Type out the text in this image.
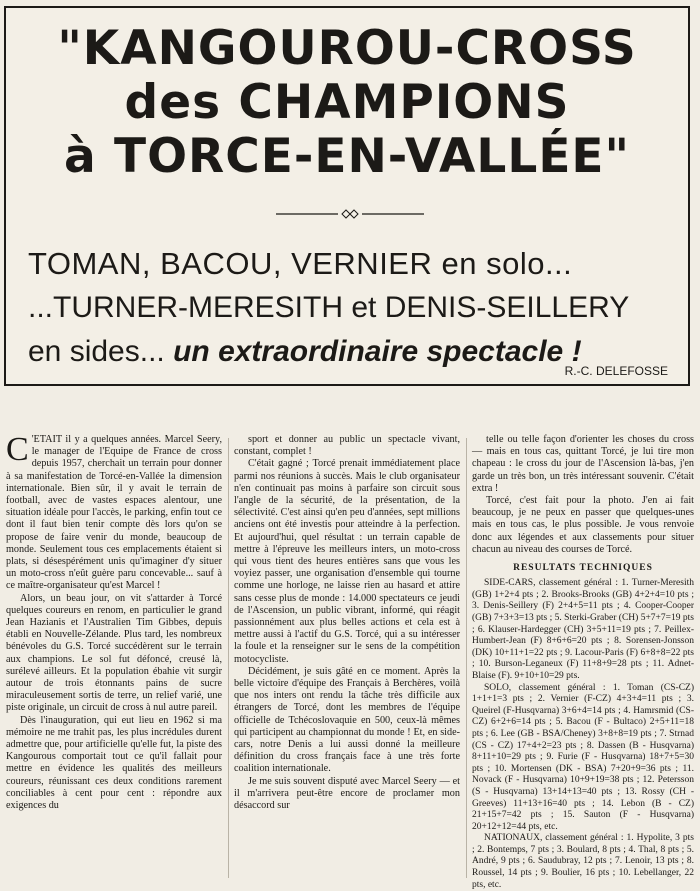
"KANGOUROU-CROSS
des CHAMPIONS
à TORCE-EN-VALLÉE"
TOMAN, BACOU, VERNIER en solo...
...TURNER-MERESITH et DENIS-SEILLERY
en sides... un extraordinaire spectacle !
R.-C. DELEFOSSE

C 'ETAIT il y a quelques années. Marcel Seery, le manager de l'Equipe de France de cross depuis 1957, cherchait un terrain pour donner à sa manifestation de Torcé-en-Vallée la dimension internationale. Bien sûr, il y avait le terrain de football, avec de vastes espaces alentour, une situation idéale pour l'accès, le parking, enfin tout ce dont il faut bien tenir compte dès lors qu'on se propose de faire venir du monde, beaucoup de monde. Seulement tous ces emplacements étaient si plats, si désespérément unis qu'imaginer d'y situer un moto-cross n'eût guère paru concevable... sauf à ce maître-organisateur qu'est Marcel !

Alors, un beau jour, on vit s'attarder à Torcé quelques coureurs en renom, en particulier le grand Jean Hazianis et l'Australien Tim Gibbes, depuis établi en Nouvelle-Zélande. Plus tard, les nombreux bénévoles du G.S. Torcé succédèrent sur le terrain aux champions. Le sol fut défoncé, creusé là, surélevé ailleurs. Et la population ébahie vit surgir autour de trois étonnants pains de sucre miraculeusement sortis de terre, un relief varié, une piste originale, un circuit de cross à nul autre pareil.

Dès l'inauguration, qui eut lieu en 1962 si ma mémoire ne me trahit pas, les plus incrédules durent admettre que, pour artificielle qu'elle fut, la piste des Kangourous comportait tout ce qu'il fallait pour mettre en évidence les qualités des meilleurs coureurs, réunissant ces deux conditions rarement conciliables à cent pour cent : répondre aux exigences du

sport et donner au public un spectacle vivant, constant, complet !

C'était gagné ; Torcé prenait immédiatement place parmi nos réunions à succès. Mais le club organisateur n'en continuait pas moins à parfaire son circuit sous l'angle de la sécurité, de la présentation, de la sélectivité. C'est ainsi qu'en peu d'années, sept millions anciens ont été investis pour atteindre à la perfection. Et aujourd'hui, quel résultat : un terrain capable de mettre à l'épreuve les meilleurs inters, un moto-cross qui vous tient des heures entières sans que vous les voyiez passer, une organisation d'ensemble qui tourne comme une horloge, ne laisse rien au hasard et attire sans cesse plus de monde : 14.000 spectateurs ce jeudi de l'Ascension, un public vibrant, informé, qui réagit passionnément aux plus belles actions et cela est à mettre aussi à l'actif du G.S. Torcé, qui a su intéresser la foule et la renseigner sur le sens de la compétition motocycliste.

Décidément, je suis gâté en ce moment. Après la belle victoire d'équipe des Français à Berchères, voilà que nos inters ont rendu la tâche très difficile aux étrangers de Torcé, dont les membres de l'équipe officielle de Tchécoslovaquie en 500, ceux-là mêmes qui participent au championnat du monde ! Et, en side-cars, notre Denis a lui aussi donné la meilleure définition du cross français face à une très forte coalition internationale.

Je me suis souvent disputé avec Marcel Seery — et il m'arrivera peut-être encore de proclamer mon désaccord sur

telle ou telle façon d'orienter les choses du cross — mais en tous cas, quittant Torcé, je lui tire mon chapeau : le cross du jour de l'Ascension là-bas, j'en garde un très bon, un très intéressant souvenir. C'était extra !

Torcé, c'est fait pour la photo. J'en ai fait beaucoup, je ne peux en passer que quelques-unes mais en tous cas, le plus possible. Je vous renvoie donc aux légendes et aux classements pour situer chacun au niveau des courses de Torcé.

RESULTATS TECHNIQUES

SIDE-CARS, classement général : 1. Turner-Meresith (GB) 1+2+4 pts ; 2. Brooks-Brooks (GB) 4+2+4=10 pts ; 3. Denis-Seillery (F) 2+4+5=11 pts ; 4. Cooper-Cooper (GB) 7+3+3=13 pts ; 5. Sterki-Graber (CH) 5+7+7=19 pts ; 6. Klauser-Hardegger (CH) 3+5+11=19 pts ; 7. Peillex-Humbert-Jean (F) 8+6+6=20 pts ; 8. Sorensen-Jonsson (DK) 10+11+1=22 pts ; 9. Lacour-Paris (F) 6+8+8=22 pts ; 10. Burson-Leganeux (F) 11+8+9=28 pts ; 11. Adnet-Blaise (F). 9+10+10=29 pts.

SOLO, classement général : 1. Toman (CS-CZ) 1+1+1=3 pts ; 2. Vernier (F-CZ) 4+3+4=11 pts ; 3. Queirel (F-Husqvarna) 3+6+4=14 pts ; 4. Hamrsmid (CS-CZ) 6+2+6=14 pts ; 5. Bacou (F - Bultaco) 2+5+11=18 pts ; 6. Lee (GB - BSA/Cheney) 3+8+8=19 pts ; 7. Strnad (CS - CZ) 17+4+2=23 pts ; 8. Dassen (B - Husqvarna) 8+11+10=29 pts ; 9. Furie (F - Husqvarna) 18+7+5=30 pts ; 10. Mortensen (DK - BSA) 7+20+9=36 pts ; 11. Novack (F - Husqvarna) 10+9+19=38 pts ; 12. Petersson (S - Husqvarna) 13+14+13=40 pts ; 13. Rossy (CH - Greeves) 11+13+16=40 pts ; 14. Lebon (B - CZ) 21+15+7=42 pts ; 15. Sauton (F - Husqvarna) 20+12+12=44 pts, etc.

NATIONAUX, classement général : 1. Hypolite, 3 pts ; 2. Bontemps, 7 pts ; 3. Boulard, 8 pts ; 4. Thal, 8 pts ; 5. André, 9 pts ; 6. Saudubray, 12 pts ; 7. Lenoir, 13 pts ; 8. Roussel, 14 pts ; 9. Boulier, 16 pts ; 10. Lebellanger, 22 pts, etc.
